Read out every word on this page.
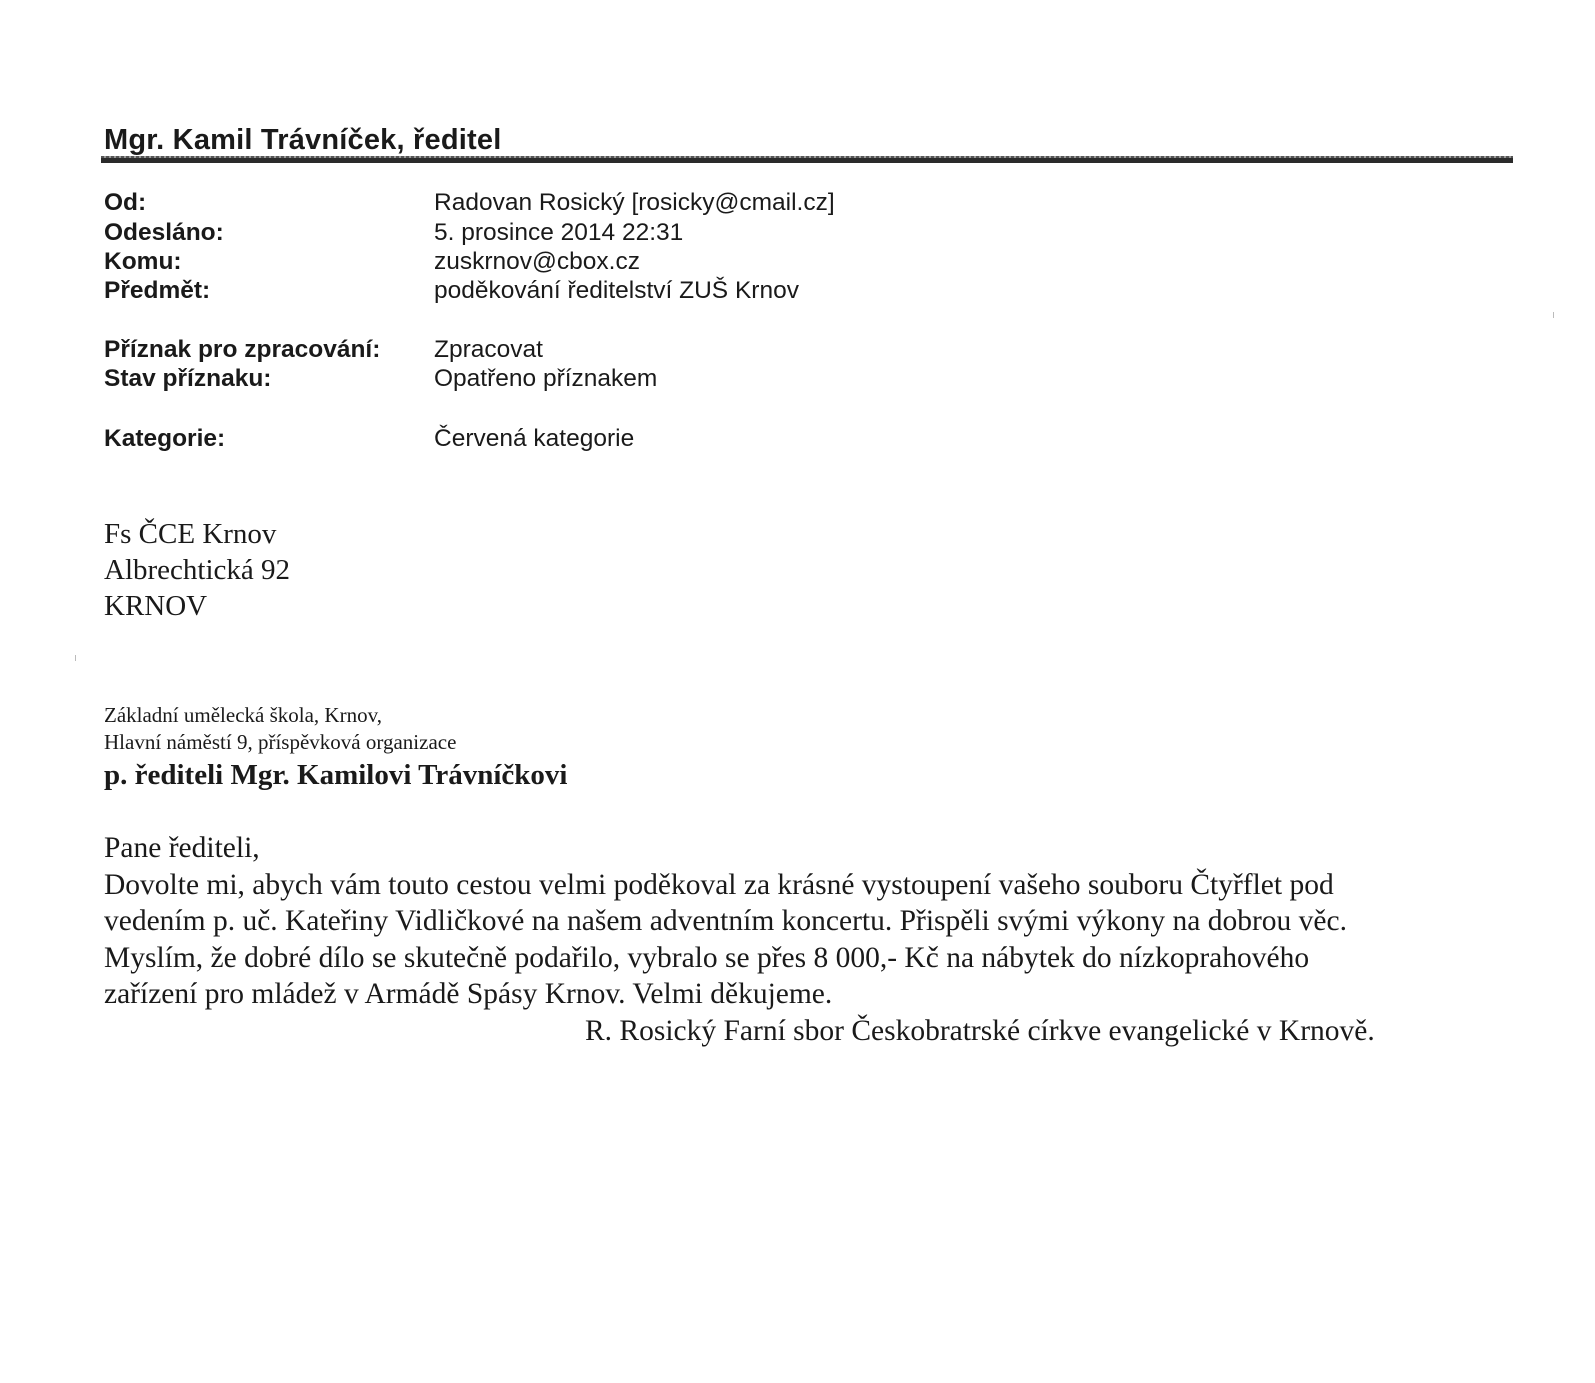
Mgr. Kamil Trávníček, ředitel
Od:	Radovan Rosický [rosicky@cmail.cz]
Odesláno:	5. prosince 2014 22:31
Komu:	zuskrnov@cbox.cz
Předmět:	poděkování ředitelství ZUŠ Krnov
Příznak pro zpracování: Zpracovat
Stav příznaku:	Opatřeno příznakem
Kategorie:	Červená kategorie
Fs ČCE Krnov
Albrechtická 92
KRNOV
Základní umělecká škola, Krnov,
Hlavní náměstí 9, příspěvková organizace
p. řediteli Mgr. Kamilovi Trávníčkovi
Pane řediteli,
Dovolte mi, abych vám touto cestou velmi poděkoval za krásné vystoupení vašeho souboru Čtyřflet pod
vedením p. uč. Kateřiny Vidličkové na našem adventním koncertu. Přispěli svými výkony na dobrou věc.
Myslím, že dobré dílo se skutečně podařilo, vybralo se přes 8 000,- Kč na nábytek do nízkoprahového
zařízení pro mládež v Armádě Spásy Krnov. Velmi děkujeme.
R. Rosický Farní sbor Českobratrské církve evangelické v Krnově.
